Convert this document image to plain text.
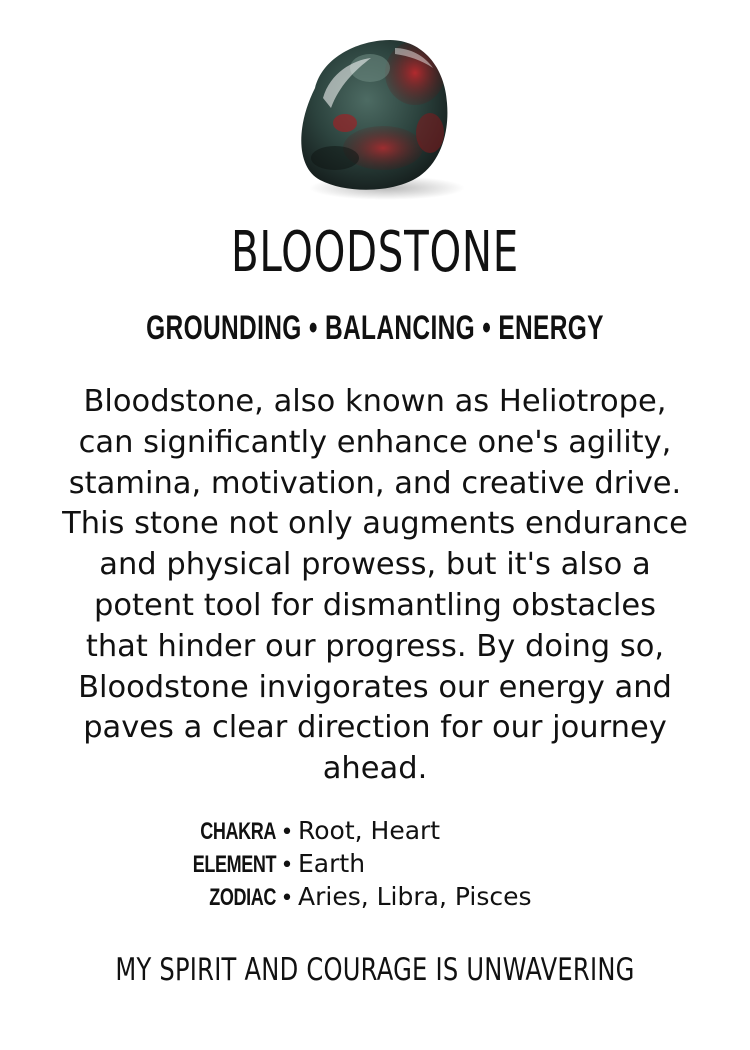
BLOODSTONE
GROUNDING • BALANCING • ENERGY
Bloodstone, also known as Heliotrope, can significantly enhance one's agility, stamina, motivation, and creative drive. This stone not only augments endurance and physical prowess, but it's also a potent tool for dismantling obstacles that hinder our progress. By doing so, Bloodstone invigorates our energy and paves a clear direction for our journey ahead.
CHAKRA • Root, Heart
ELEMENT • Earth
ZODIAC • Aries, Libra, Pisces
MY SPIRIT AND COURAGE IS UNWAVERING
